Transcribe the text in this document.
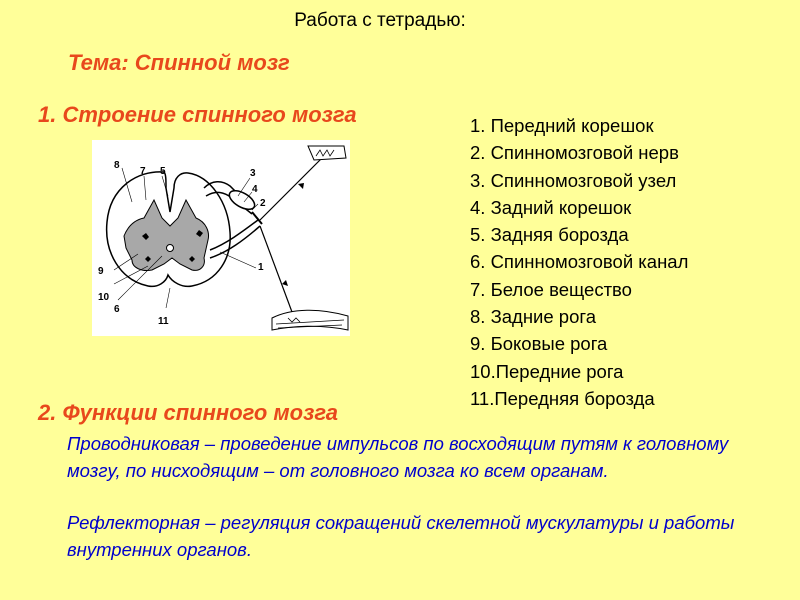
Работа с тетрадью:
Тема: Спинной мозг
1. Строение спинного мозга
8
7 5	3
4
2
1
9
10
6
11
1. Передний корешок
2. Спинномозговой нерв
3. Спинномозговой узел
4. Задний корешок
5. Задняя борозда
6. Спинномозговой канал
7. Белое вещество
8. Задние рога
9. Боковые рога
10.Передние рога
11.Передняя борозда
2. Функции спинного мозга
Проводниковая – проведение импульсов по восходящим путям к головному мозгу, по нисходящим – от головного мозга ко всем органам.
Рефлекторная – регуляция сокращений скелетной мускулатуры и работы внутренних органов.
